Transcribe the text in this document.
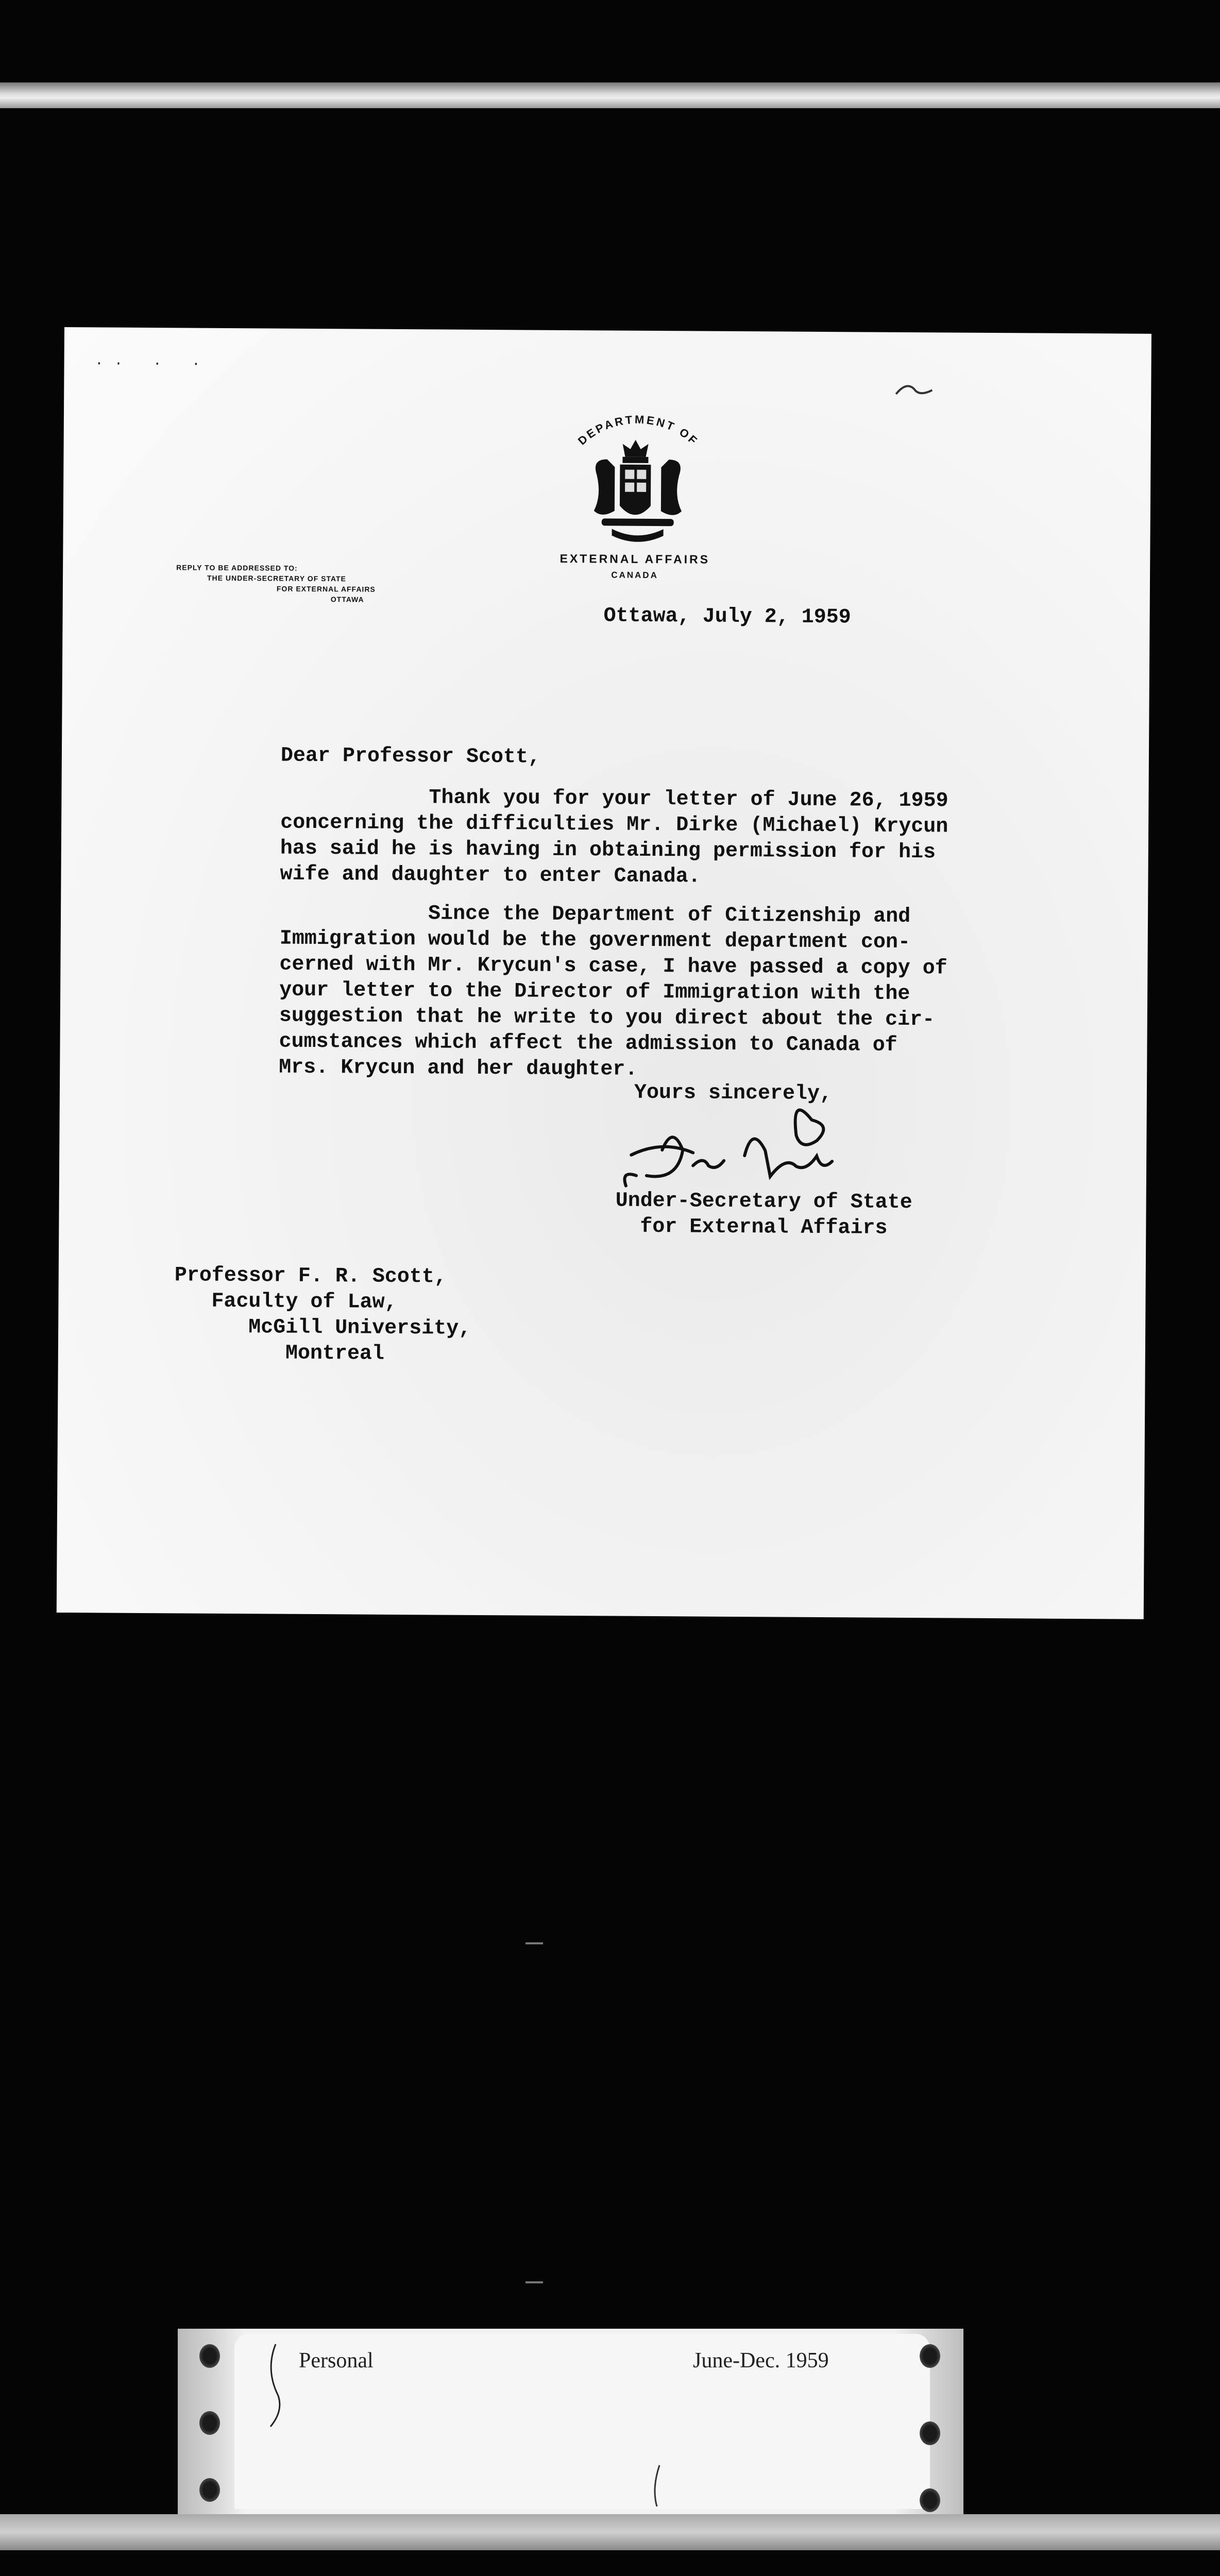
·· · ·
DEPARTMENT OF
EXTERNAL AFFAIRS
CANADA
REPLY TO BE ADDRESSED TO:
THE UNDER-SECRETARY OF STATE
FOR EXTERNAL AFFAIRS
OTTAWA
Ottawa, July 2, 1959
Dear Professor Scott,
Thank you for your letter of June 26, 1959
concerning the difficulties Mr. Dirke (Michael) Krycun
has said he is having in obtaining permission for his
wife and daughter to enter Canada.
Since the Department of Citizenship and
Immigration would be the government department con-
cerned with Mr. Krycun's case, I have passed a copy of
your letter to the Director of Immigration with the
suggestion that he write to you direct about the cir-
cumstances which affect the admission to Canada of
Mrs. Krycun and her daughter.
Yours sincerely,
Under-Secretary of State
for External Affairs
Professor F. R. Scott,
Faculty of Law,
McGill University,
Montreal
Personal	June-Dec. 1959
